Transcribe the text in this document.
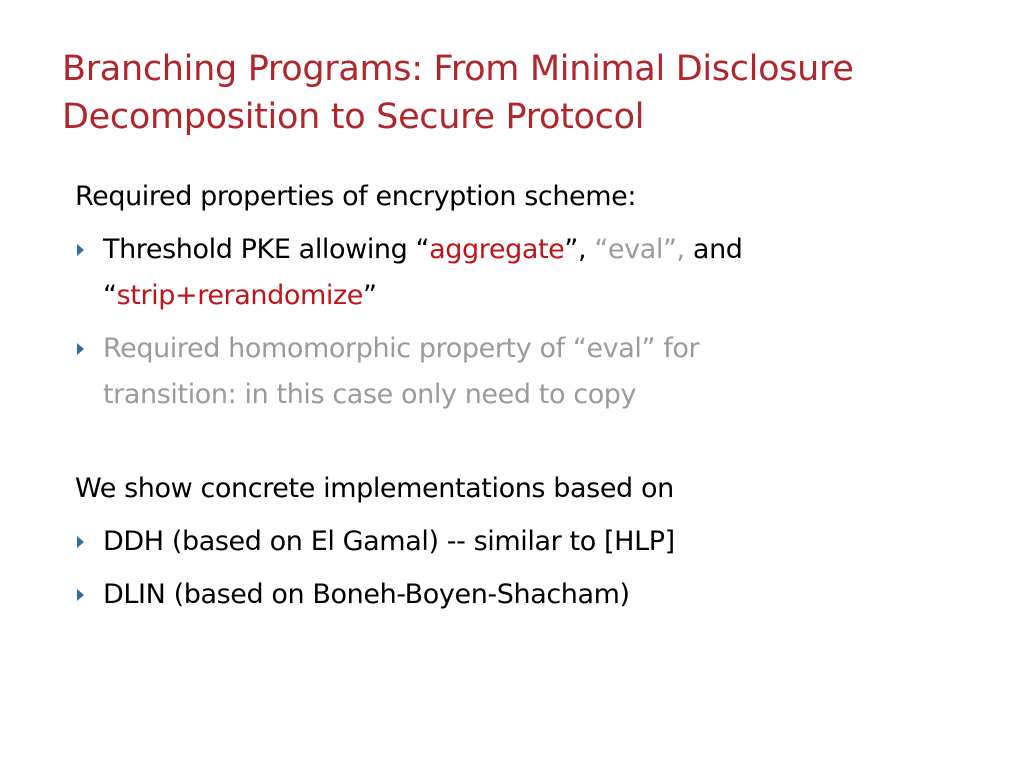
Branching Programs: From Minimal Disclosure
Decomposition to Secure Protocol

Required properties of encryption scheme:

Threshold PKE allowing “aggregate”, “eval”, and
“strip+rerandomize”
Required homomorphic property of “eval” for
transition: in this case only need to copy

We show concrete implementations based on

DDH (based on El Gamal) -- similar to [HLP]
DLIN (based on Boneh-Boyen-Shacham)
